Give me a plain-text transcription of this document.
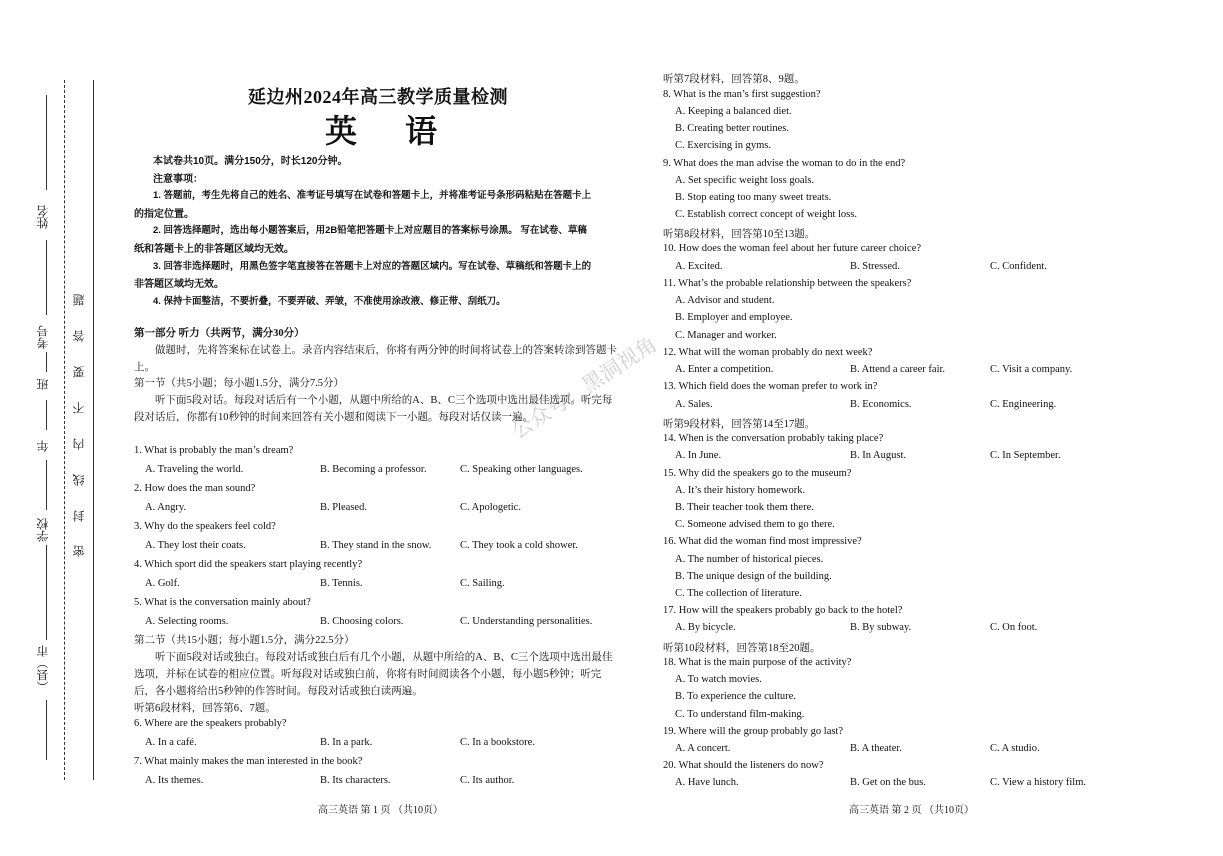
姓名
考号
班
年
学校
（县）市
密
封
线
内
不
要
答
题
延边州2024年高三教学质量检测
英语
本试卷共10页。满分150分，时长120分钟。
注意事项：
1. 答题前，考生先将自己的姓名、准考证号填写在试卷和答题卡上，并将准考证号条形码粘贴在答题卡上
的指定位置。
2. 回答选择题时，选出每小题答案后，用2B铅笔把答题卡上对应题目的答案标号涂黑。 写在试卷、草稿
纸和答题卡上的非答题区域均无效。
3. 回答非选择题时，用黑色签字笔直接答在答题卡上对应的答题区域内。写在试卷、草稿纸和答题卡上的
非答题区域均无效。
4. 保持卡面整洁，不要折叠，不要弄破、弄皱，不准使用涂改液、修正带、刮纸刀。
第一部分 听力（共两节，满分30分）
做题时，先将答案标在试卷上。录音内容结束后，你将有两分钟的时间将试卷上的答案转涂到答题卡上。
第一节（共5小题；每小题1.5分，满分7.5分）
听下面5段对话。每段对话后有一个小题，从题中所给的A、B、C三个选项中选出最佳选项。听完每段对话后，你都有10秒钟的时间来回答有关小题和阅读下一小题。每段对话仅读一遍。
1. What is probably the man’s dream?
A. Traveling the world.	B. Becoming a professor.	C. Speaking other languages.
2. How does the man sound?
A. Angry.	B. Pleased.	C. Apologetic.
3. Why do the speakers feel cold?
A. They lost their coats.	B. They stand in the snow.	C. They took a cold shower.
4. Which sport did the speakers start playing recently?
A. Golf.	B. Tennis.	C. Sailing.
5. What is the conversation mainly about?
A. Selecting rooms.	B. Choosing colors.	C. Understanding personalities.
第二节（共15小题；每小题1.5分，满分22.5分）
听下面5段对话或独白。每段对话或独白后有几个小题，从题中所给的A、B、C三个选项中选出最佳选项，并标在试卷的相应位置。听每段对话或独白前，你将有时间阅读各个小题，每小题5秒钟；听完后，各小题将给出5秒钟的作答时间。每段对话或独白读两遍。
听第6段材料，回答第6、7题。
6. Where are the speakers probably?
A. In a café.	B. In a park.	C. In a bookstore.
7. What mainly makes the man interested in the book?
A. Its themes.	B. Its characters.	C. Its author.
听第7段材料，回答第8、9题。
8. What is the man’s first suggestion?
A. Keeping a balanced diet.
B. Creating better routines.
C. Exercising in gyms.
9. What does the man advise the woman to do in the end?
A. Set specific weight loss goals.
B. Stop eating too many sweet treats.
C. Establish correct concept of weight loss.
听第8段材料，回答第10至13题。
10. How does the woman feel about her future career choice?
A. Excited.	B. Stressed.	C. Confident.
11. What’s the probable relationship between the speakers?
A. Advisor and student.
B. Employer and employee.
C. Manager and worker.
12. What will the woman probably do next week?
A. Enter a competition.	B. Attend a career fair.	C. Visit a company.
13. Which field does the woman prefer to work in?
A. Sales.	B. Economics.	C. Engineering.
听第9段材料，回答第14至17题。
14. When is the conversation probably taking place?
A. In June.	B. In August.	C. In September.
15. Why did the speakers go to the museum?
A. It’s their history homework.
B. Their teacher took them there.
C. Someone advised them to go there.
16. What did the woman find most impressive?
A. The number of historical pieces.
B. The unique design of the building.
C. The collection of literature.
17. How will the speakers probably go back to the hotel?
A. By bicycle.	B. By subway.	C. On foot.
听第10段材料，回答第18至20题。
18. What is the main purpose of the activity?
A. To watch movies.
B. To experience the culture.
C. To understand film-making.
19. Where will the group probably go last?
A. A concert.	B. A theater.	C. A studio.
20. What should the listeners do now?
A. Have lunch.	B. Get on the bus.	C. View a history film.
高三英语 第 1 页 （共10页）	高三英语 第 2 页 （共10页）
公众号：黑洞视角
